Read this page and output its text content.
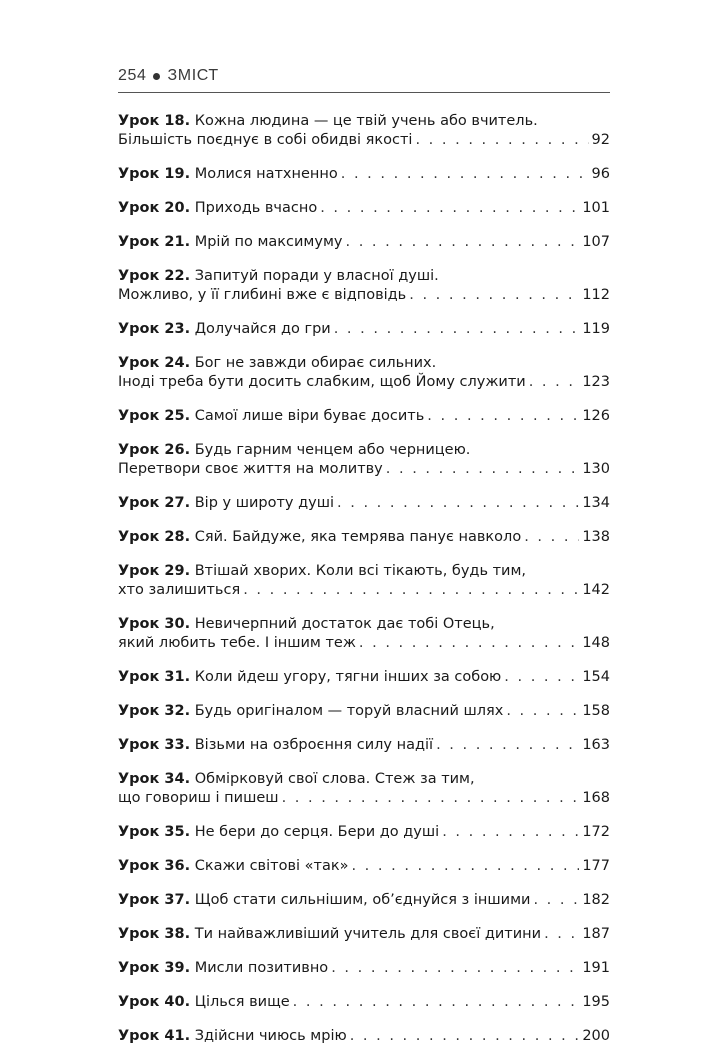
254 ЗМІСТ
Урок 18.
Кожна людина — це твій учень або вчитель.
Більшість поєднує в собі обидві якості . . .	92
Урок 19.
Молися натхненно . . .	96
Урок 20.
Приходь вчасно . . .	101
Урок 21.
Мрій по максимуму . . .	107
Урок 22.
Запитуй поради у власної душі.
Можливо, у її глибині вже є відповідь . . .	112
Урок 23.
Долучайся до гри . . .	119
Урок 24.
Бог не завжди обирає сильних.
Іноді треба бути досить слабким, щоб Йому служити . . .	123
Урок 25.
Самої лише віри буває досить . . .	126
Урок 26.
Будь гарним ченцем або черницею.
Перетвори своє життя на молитву . . .	130
Урок 27.
Вір у широту душі . . .	134
Урок 28.
Сяй. Байдуже, яка темрява панує навколо . . .	138
Урок 29.
Втішай хворих. Коли всі тікають, будь тим,
хто залишиться . . .	142
Урок 30.
Невичерпний достаток дає тобі Отець,
який любить тебе. І іншим теж . . .	148
Урок 31.
Коли йдеш угору, тягни інших за собою . . .	154
Урок 32.
Будь оригіналом — торуй власний шлях . . .	158
Урок 33.
Візьми на озброєння силу надії . . .	163
Урок 34.
Обмірковуй свої слова. Стеж за тим,
що говориш і пишеш . . .	168
Урок 35.
Не бери до серця. Бери до душі . . .	172
Урок 36.
Скажи світові «так» . . .	177
Урок 37.
Щоб стати сильнішим, об’єднуйся з іншими . . .	182
Урок 38.
Ти найважливіший учитель для своєї дитини . . .	187
Урок 39.
Мисли позитивно . . .	191
Урок 40.
Цілься вище . . .	195
Урок 41.
Здійсни чиюсь мрію . . .	200
